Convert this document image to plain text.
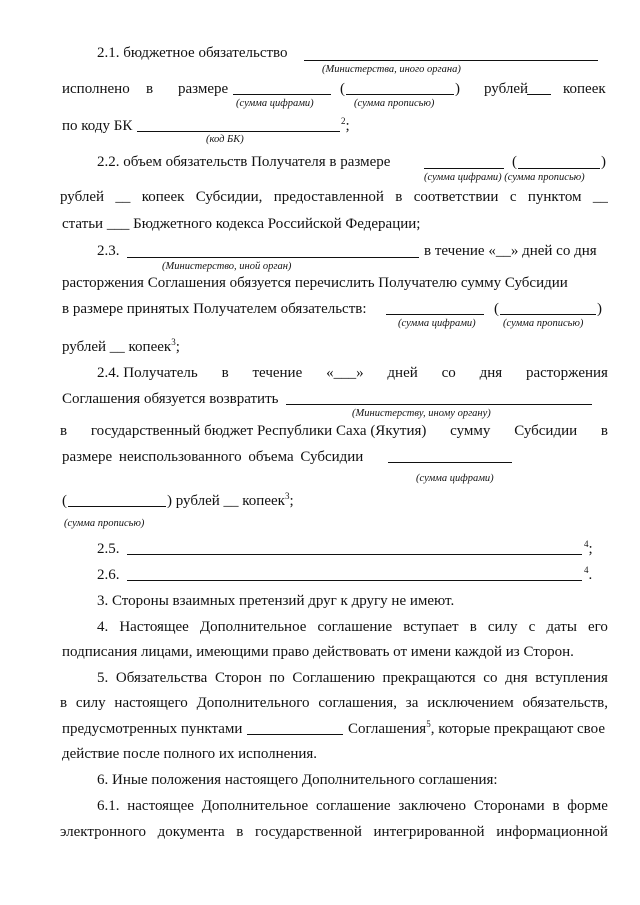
2.1. бюджетное обязательство
(Министерства, иного органа)
исполнено в размере	(	) рублей копеек
(сумма цифрами)	(сумма прописью)
по коду БК	$^2$;
(код БК)
2.2. объем обязательств Получателя в размере	(	)
(сумма цифрами) (сумма прописью)
рублей __ копеек Субсидии, предоставленной в соответствии с пунктом __
статьи ___ Бюджетного кодекса Российской Федерации;
2.3.	в течение «__» дней со дня
(Министерство, иной орган)
расторжения Соглашения обязуется перечислить Получателю сумму Субсидии
в размере принятых Получателем обязательств:	(	)
(сумма цифрами)	(сумма прописью)
рублей __ копеек$^3$;
2.4. Получатель в течение «___» дней со дня расторжения
Соглашения обязуется возвратить
(Министерству, иному органу)
в государственный бюджет Республики Саха (Якутия) сумму Субсидии в
размере неиспользованного объема Субсидии
(сумма цифрами)
(	) рублей __ копеек$^3$;
(сумма прописью)
2.5.	$^4$;
2.6.	$^4$.
3. Стороны взаимных претензий друг к другу не имеют.
4. Настоящее Дополнительное соглашение вступает в силу с даты его
подписания лицами, имеющими право действовать от имени каждой из Сторон.
5. Обязательства Сторон по Соглашению прекращаются со дня вступления
в силу настоящего Дополнительного соглашения, за исключением обязательств,
предусмотренных пунктами	Соглашения$^5$, которые прекращают свое
действие после полного их исполнения.
6. Иные положения настоящего Дополнительного соглашения:
6.1. настоящее Дополнительное соглашение заключено Сторонами в форме
электронного документа в государственной интегрированной информационной
